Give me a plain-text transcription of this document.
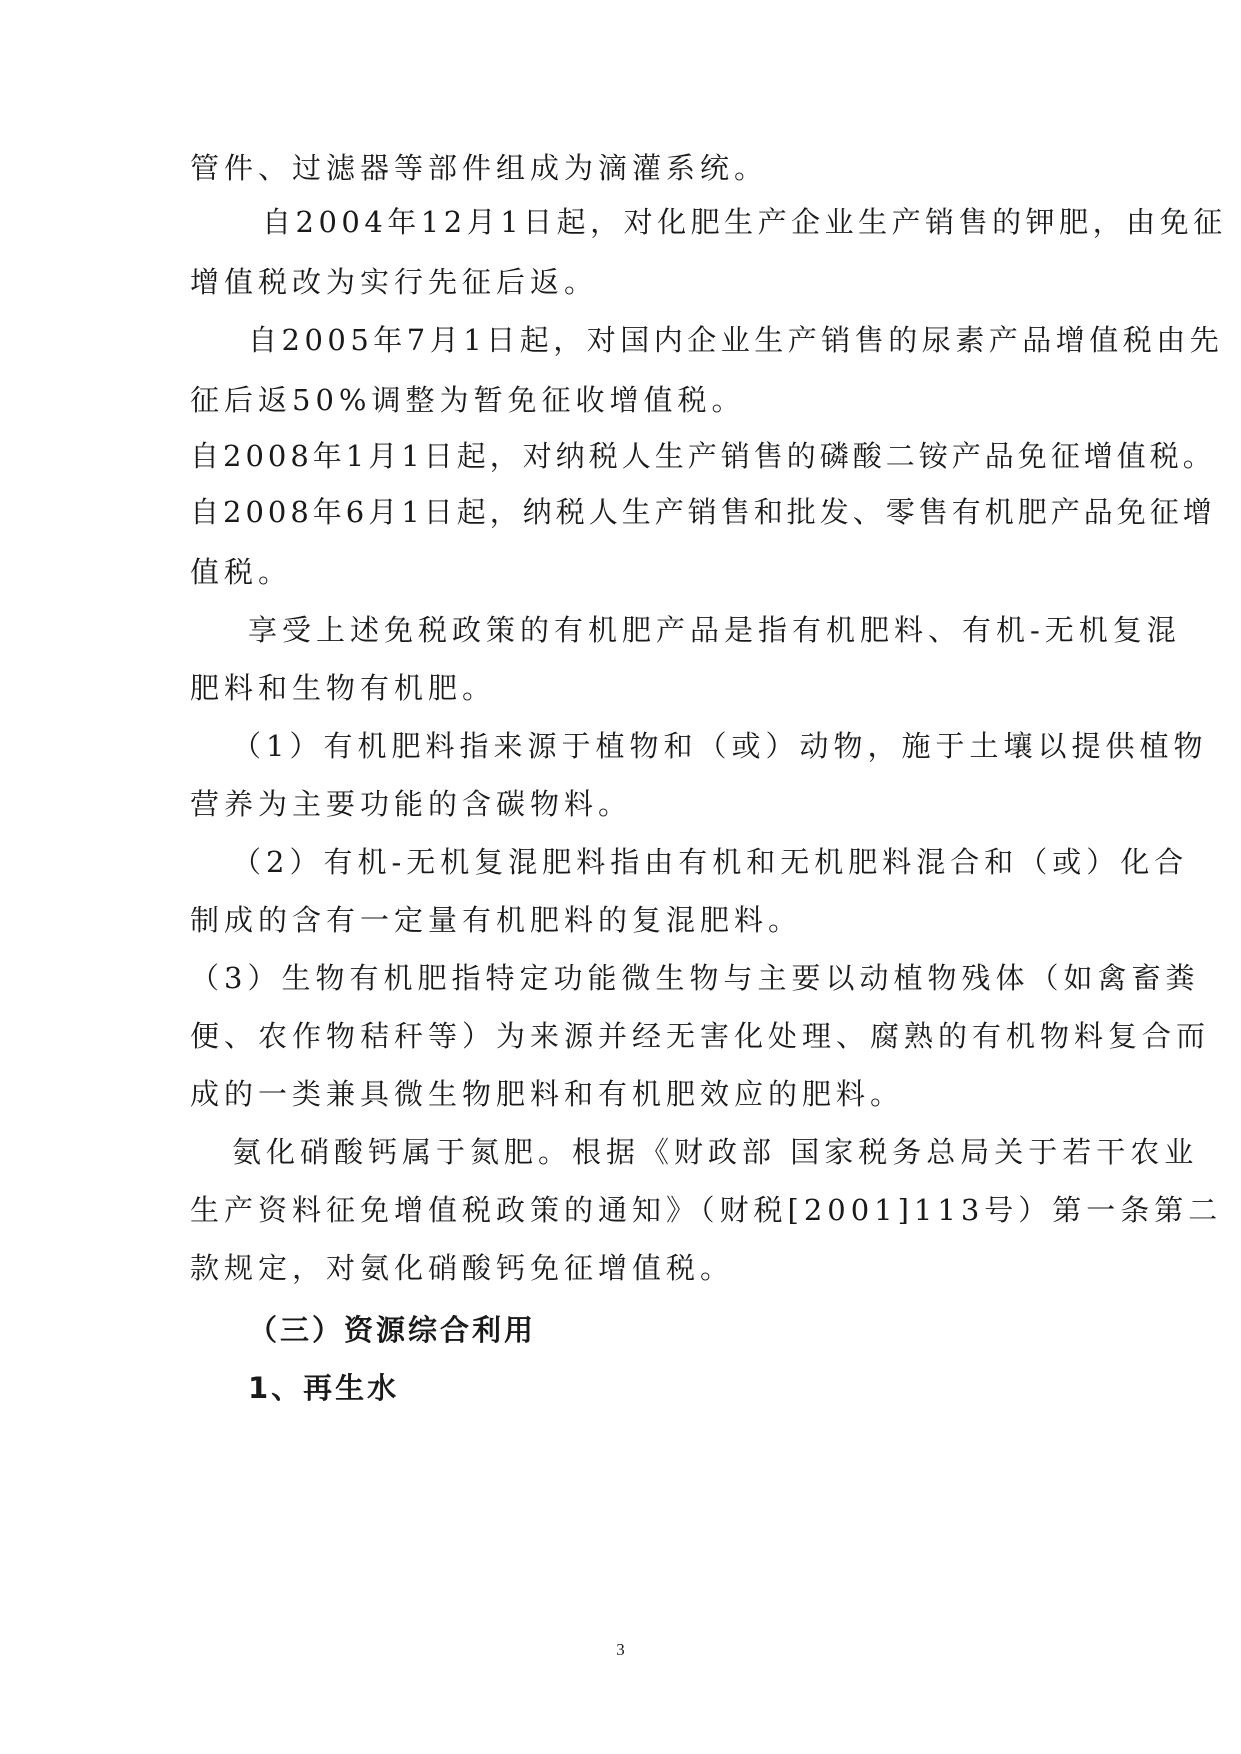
管件、过滤器等部件组成为滴灌系统。
自2004年12月1日起，对化肥生产企业生产销售的钾肥，由免征
增值税改为实行先征后返。
自2005年7月1日起，对国内企业生产销售的尿素产品增值税由先
征后返50%调整为暂免征收增值税。
自2008年1月1日起，对纳税人生产销售的磷酸二铵产品免征增值税。
自2008年6月1日起，纳税人生产销售和批发、零售有机肥产品免征增
值税。
享受上述免税政策的有机肥产品是指有机肥料、有机-无机复混
肥料和生物有机肥。
（1）有机肥料指来源于植物和（或）动物，施于土壤以提供植物
营养为主要功能的含碳物料。
（2）有机-无机复混肥料指由有机和无机肥料混合和（或）化合
制成的含有一定量有机肥料的复混肥料。
（3）生物有机肥指特定功能微生物与主要以动植物残体（如禽畜粪
便、农作物秸秆等）为来源并经无害化处理、腐熟的有机物料复合而
成的一类兼具微生物肥料和有机肥效应的肥料。
氨化硝酸钙属于氮肥。根据《财政部 国家税务总局关于若干农业
生产资料征免增值税政策的通知》（财税[2001]113号）第一条第二
款规定，对氨化硝酸钙免征增值税。
（三）资源综合利用
1、再生水
3
